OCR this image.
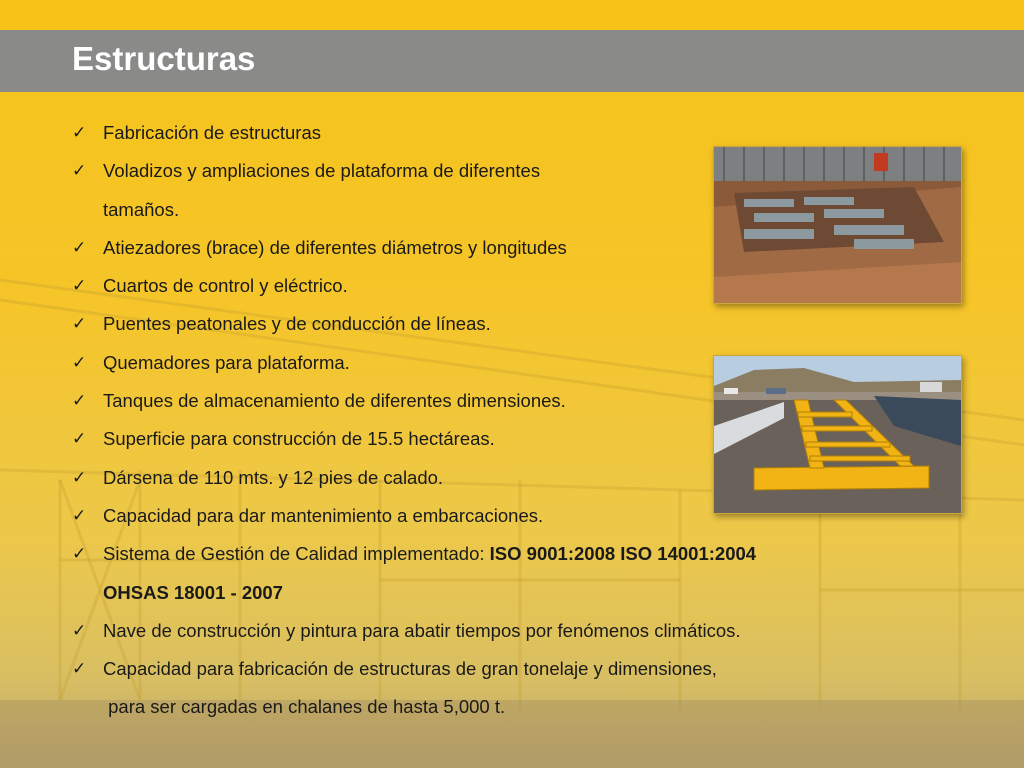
Estructuras
✓ Fabricación de estructuras
✓ Voladizos y ampliaciones de plataforma de diferentes
tamaños.
✓ Atiezadores (brace) de diferentes diámetros y longitudes
✓ Cuartos de control y eléctrico.
✓ Puentes peatonales y de conducción de líneas.
✓ Quemadores para plataforma.
✓ Tanques de almacenamiento de diferentes dimensiones.
✓ Superficie para construcción de 15.5 hectáreas.
✓ Dársena de 110 mts. y 12 pies de calado.
✓ Capacidad para dar mantenimiento a embarcaciones.
✓ Sistema de Gestión de Calidad implementado: ISO 9001:2008 ISO 14001:2004
OHSAS 18001 - 2007
✓ Nave de construcción y pintura para abatir tiempos por fenómenos climáticos.
✓ Capacidad para fabricación de estructuras de gran tonelaje y dimensiones,
para ser cargadas en chalanes de hasta 5,000 t.
